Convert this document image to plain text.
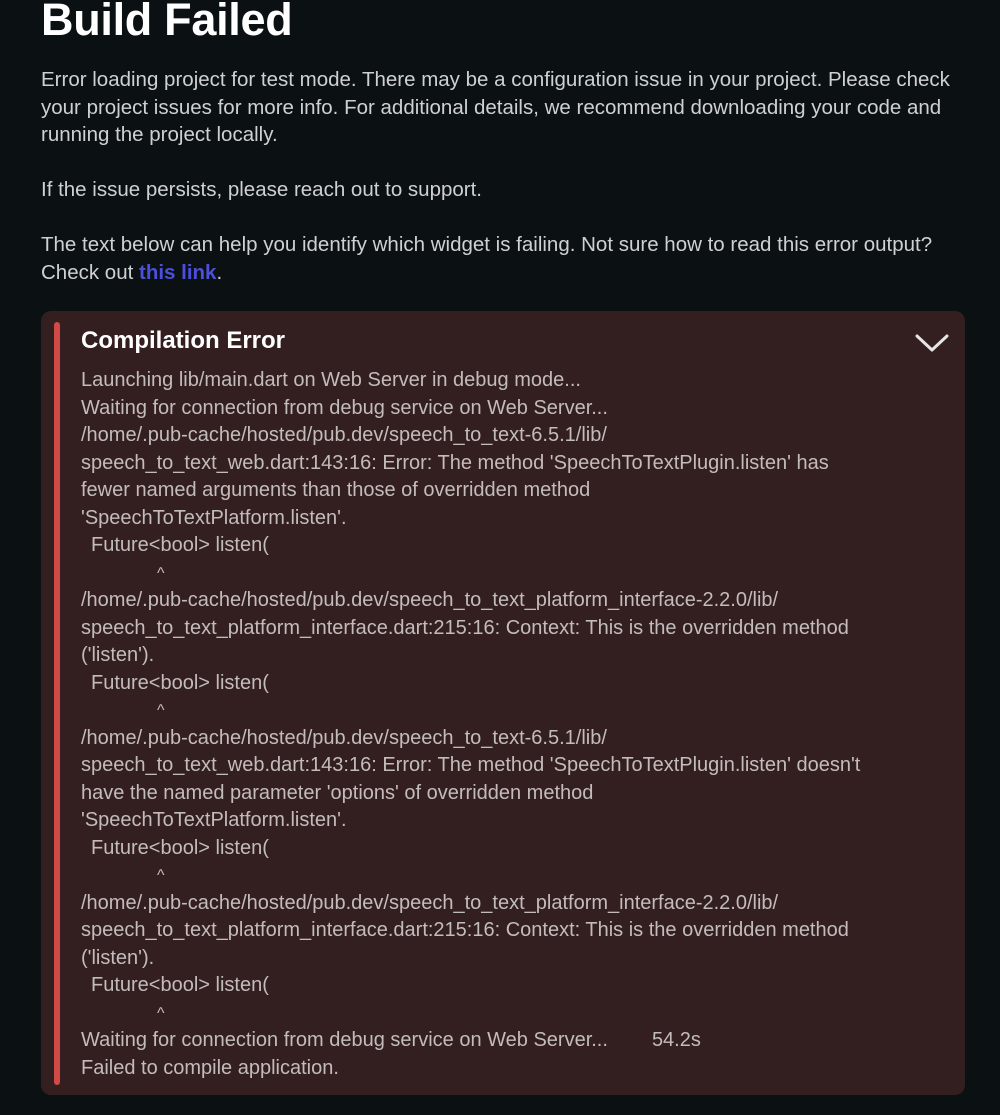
Build Failed

Error loading project for test mode. There may be a configuration issue in your project. Please check your project issues for more info. For additional details, we recommend downloading your code and running the project locally.

If the issue persists, please reach out to support.

The text below can help you identify which widget is failing. Not sure how to read this error output? Check out this link.

Compilation Error
Launching lib/main.dart on Web Server in debug mode...
Waiting for connection from debug service on Web Server...
/home/.pub-cache/hosted/pub.dev/speech_to_text-6.5.1/lib/
speech_to_text_web.dart:143:16: Error: The method 'SpeechToTextPlugin.listen' has
fewer named arguments than those of overridden method
'SpeechToTextPlatform.listen'.
Future<bool> listen(
^
/home/.pub-cache/hosted/pub.dev/speech_to_text_platform_interface-2.2.0/lib/
speech_to_text_platform_interface.dart:215:16: Context: This is the overridden method
('listen').
Future<bool> listen(
^
/home/.pub-cache/hosted/pub.dev/speech_to_text-6.5.1/lib/
speech_to_text_web.dart:143:16: Error: The method 'SpeechToTextPlugin.listen' doesn't
have the named parameter 'options' of overridden method
'SpeechToTextPlatform.listen'.
Future<bool> listen(
^
/home/.pub-cache/hosted/pub.dev/speech_to_text_platform_interface-2.2.0/lib/
speech_to_text_platform_interface.dart:215:16: Context: This is the overridden method
('listen').
Future<bool> listen(
^
Waiting for connection from debug service on Web Server... 54.2s
Failed to compile application.
